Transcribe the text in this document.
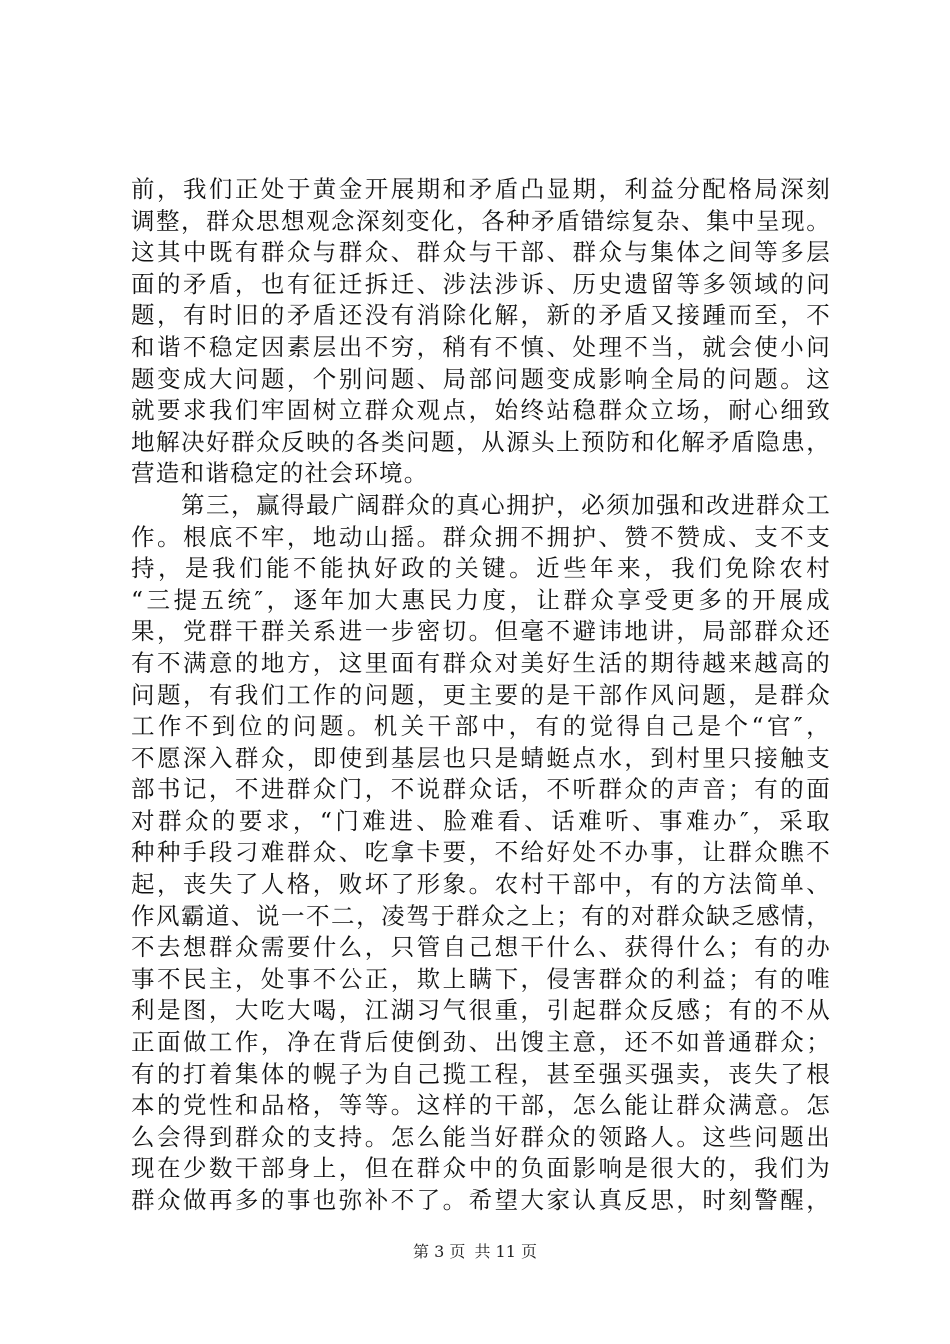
前，我们正处于黄金开展期和矛盾凸显期，利益分配格局深刻
调整，群众思想观念深刻变化，各种矛盾错综复杂、集中呈现。
这其中既有群众与群众、群众与干部、群众与集体之间等多层
面的矛盾，也有征迁拆迁、涉法涉诉、历史遗留等多领域的问
题，有时旧的矛盾还没有消除化解，新的矛盾又接踵而至，不
和谐不稳定因素层出不穷，稍有不慎、处理不当，就会使小问
题变成大问题，个别问题、局部问题变成影响全局的问题。这
就要求我们牢固树立群众观点，始终站稳群众立场，耐心细致
地解决好群众反映的各类问题，从源头上预防和化解矛盾隐患，
营造和谐稳定的社会环境。
　　第三，赢得最广阔群众的真心拥护，必须加强和改进群众工
作。根底不牢，地动山摇。群众拥不拥护、赞不赞成、支不支
持，是我们能不能执好政的关键。近些年来，我们免除农村
“三提五统″，逐年加大惠民力度，让群众享受更多的开展成
果，党群干群关系进一步密切。但毫不避讳地讲，局部群众还
有不满意的地方，这里面有群众对美好生活的期待越来越高的
问题，有我们工作的问题，更主要的是干部作风问题，是群众
工作不到位的问题。机关干部中，有的觉得自己是个“官″，
不愿深入群众，即使到基层也只是蜻蜓点水，到村里只接触支
部书记，不进群众门，不说群众话，不听群众的声音；有的面
对群众的要求，“门难进、脸难看、话难听、事难办″，采取
种种手段刁难群众、吃拿卡要，不给好处不办事，让群众瞧不
起，丧失了人格，败坏了形象。农村干部中，有的方法简单、
作风霸道、说一不二，凌驾于群众之上；有的对群众缺乏感情，
不去想群众需要什么，只管自己想干什么、获得什么；有的办
事不民主，处事不公正，欺上瞒下，侵害群众的利益；有的唯
利是图，大吃大喝，江湖习气很重，引起群众反感；有的不从
正面做工作，净在背后使倒劲、出馊主意，还不如普通群众；
有的打着集体的幌子为自己揽工程，甚至强买强卖，丧失了根
本的党性和品格，等等。这样的干部，怎么能让群众满意。怎
么会得到群众的支持。怎么能当好群众的领路人。这些问题出
现在少数干部身上，但在群众中的负面影响是很大的，我们为
群众做再多的事也弥补不了。希望大家认真反思，时刻警醒，
第 3 页 共 11 页
